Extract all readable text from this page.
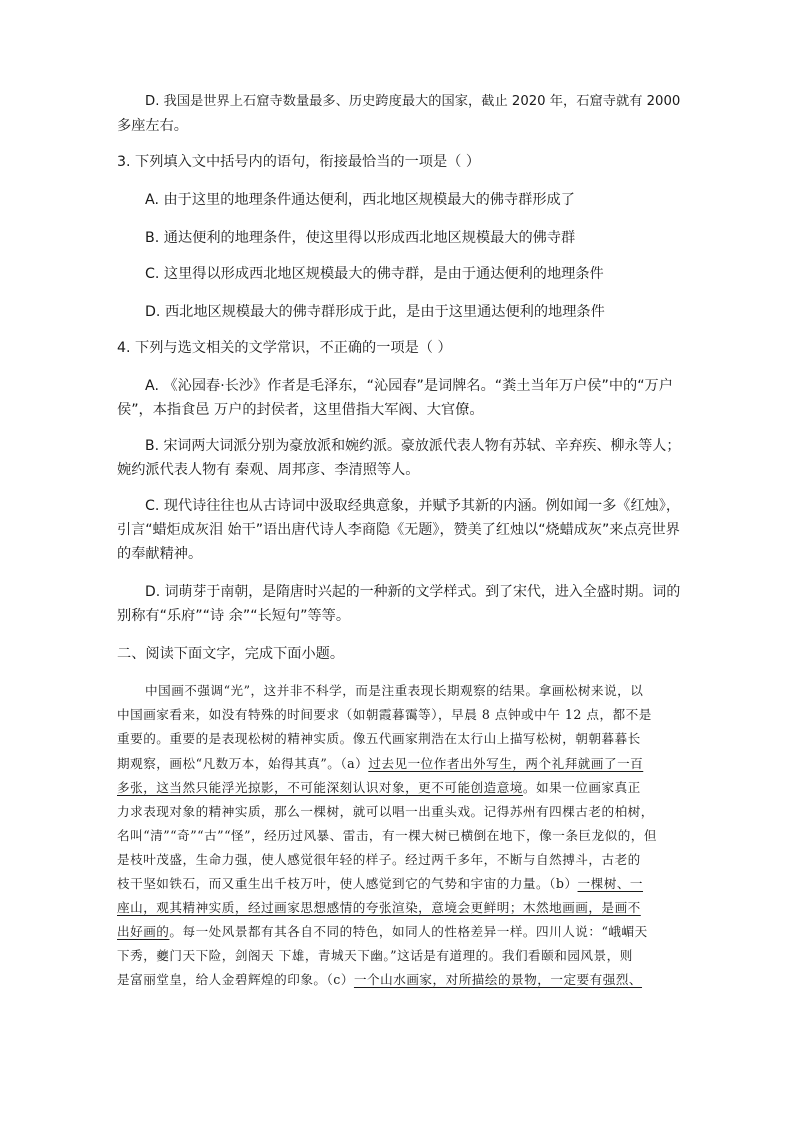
D. 我国是世界上石窟寺数量最多、历史跨度最大的国家，截止 2020 年，石窟寺就有 2000
多座左右。
3. 下列填入文中括号内的语句，衔接最恰当的一项是（ ）
A. 由于这里的地理条件通达便利，西北地区规模最大的佛寺群形成了
B. 通达便利的地理条件，使这里得以形成西北地区规模最大的佛寺群
C. 这里得以形成西北地区规模最大的佛寺群，是由于通达便利的地理条件
D. 西北地区规模最大的佛寺群形成于此，是由于这里通达便利的地理条件
4. 下列与选文相关的文学常识，不正确的一项是（ ）
A. 《沁园春·长沙》作者是毛泽东，“沁园春”是词牌名。“粪土当年万户侯”中的“万户
侯”，本指食邑 万户的封侯者，这里借指大军阀、大官僚。
B. 宋词两大词派分别为豪放派和婉约派。豪放派代表人物有苏轼、辛弃疾、柳永等人；
婉约派代表人物有 秦观、周邦彦、李清照等人。
C. 现代诗往往也从古诗词中汲取经典意象，并赋予其新的内涵。例如闻一多《红烛》，
引言“蜡炬成灰泪 始干”语出唐代诗人李商隐《无题》，赞美了红烛以“烧蜡成灰”来点亮世界
的奉献精神。
D. 词萌芽于南朝，是隋唐时兴起的一种新的文学样式。到了宋代，进入全盛时期。词的
别称有“乐府”“诗 余”“长短句”等等。
二、阅读下面文字，完成下面小题。
中国画不强调“光”，这并非不科学，而是注重表现长期观察的结果。拿画松树来说，以
中国画家看来，如没有特殊的时间要求（如朝霞暮霭等），早晨 8 点钟或中午 12 点，都不是
重要的。重要的是表现松树的精神实质。像五代画家荆浩在太行山上描写松树，朝朝暮暮长
期观察，画松“凡数万本，始得其真”。（a）过去见一位作者出外写生，两个礼拜就画了一百
多张，这当然只能浮光掠影，不可能深刻认识对象，更不可能创造意境。如果一位画家真正
力求表现对象的精神实质，那么一棵树，就可以唱一出重头戏。记得苏州有四棵古老的柏树，
名叫“清”“奇”“古”“怪”，经历过风暴、雷击，有一棵大树已横倒在地下，像一条巨龙似的，但
是枝叶茂盛，生命力强，使人感觉很年轻的样子。经过两千多年，不断与自然搏斗，古老的
枝干坚如铁石，而又重生出千枝万叶，使人感觉到它的气势和宇宙的力量。（b）一棵树、一
座山，观其精神实质，经过画家思想感情的夸张渲染，意境会更鲜明；木然地画画，是画不
出好画的。每一处风景都有其各自不同的特色，如同人的性格差异一样。四川人说：“峨嵋天
下秀，夔门天下险，剑阁天 下雄，青城天下幽。”这话是有道理的。我们看颐和园风景，则
是富丽堂皇，给人金碧辉煌的印象。（c）一个山水画家，对所描绘的景物，一定要有强烈、
